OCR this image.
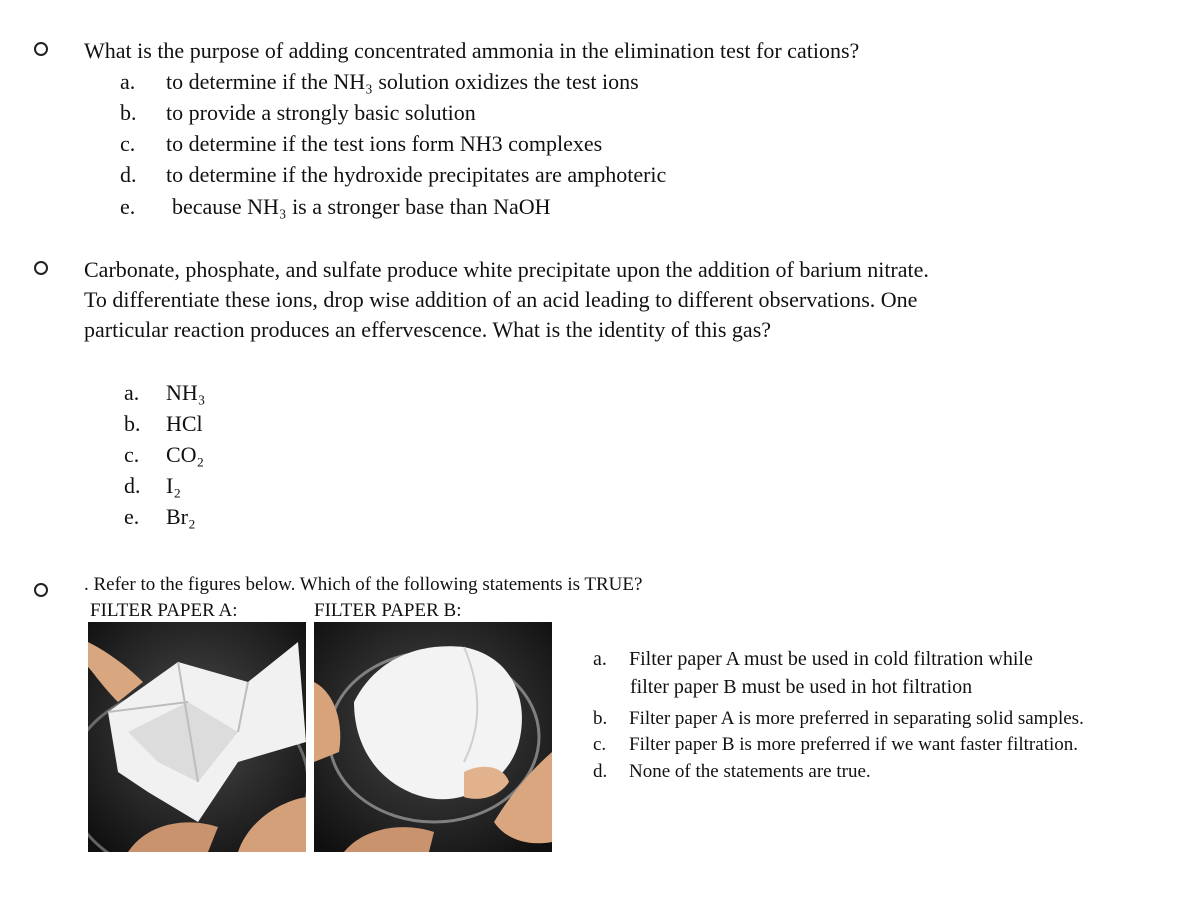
What is the purpose of adding concentrated ammonia in the elimination test for cations?
a. to determine if the NH₃ solution oxidizes the test ions
b. to provide a strongly basic solution
c. to determine if the test ions form NH3 complexes
d. to determine if the hydroxide precipitates are amphoteric
e. because NH₃ is a stronger base than NaOH
Carbonate, phosphate, and sulfate produce white precipitate upon the addition of barium nitrate.
To differentiate these ions, drop wise addition of an acid leading to different observations. One
particular reaction produces an effervescence. What is the identity of this gas?
a. NH₃
b. HCl
c. CO₂
d. I₂
e. Br₂
. Refer to the figures below. Which of the following statements is TRUE?
FILTER PAPER A:	FILTER PAPER B:
a. Filter paper A must be used in cold filtration while
filter paper B must be used in hot filtration
b. Filter paper A is more preferred in separating solid samples.
c. Filter paper B is more preferred if we want faster filtration.
d. None of the statements are true.
